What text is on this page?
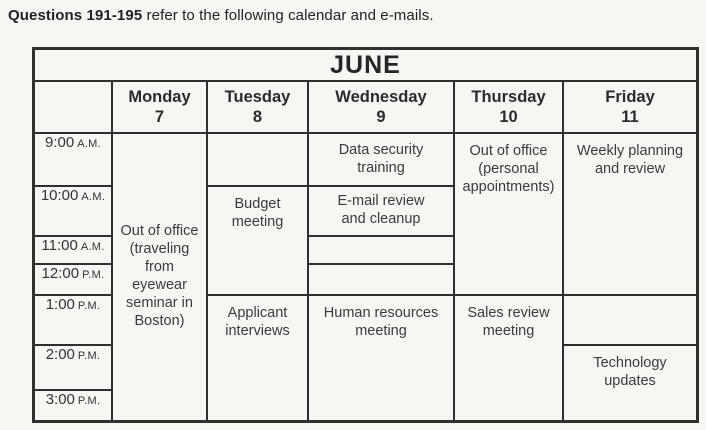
Questions 191-195 refer to the following calendar and e-mails.

JUNE
Monday
7
Tuesday
8
Wednesday
9
Thursday
10
Friday
11
9:00 A.M.
10:00 A.M.
11:00 A.M.
12:00 P.M.
1:00 P.M.
2:00 P.M.
3:00 P.M.
Out of office (traveling from eyewear seminar in Boston)
Budget meeting
Applicant interviews
Data security training
E-mail review and cleanup
Human resources meeting
Out of office (personal appointments)
Sales review meeting
Weekly planning and review
Technology updates
